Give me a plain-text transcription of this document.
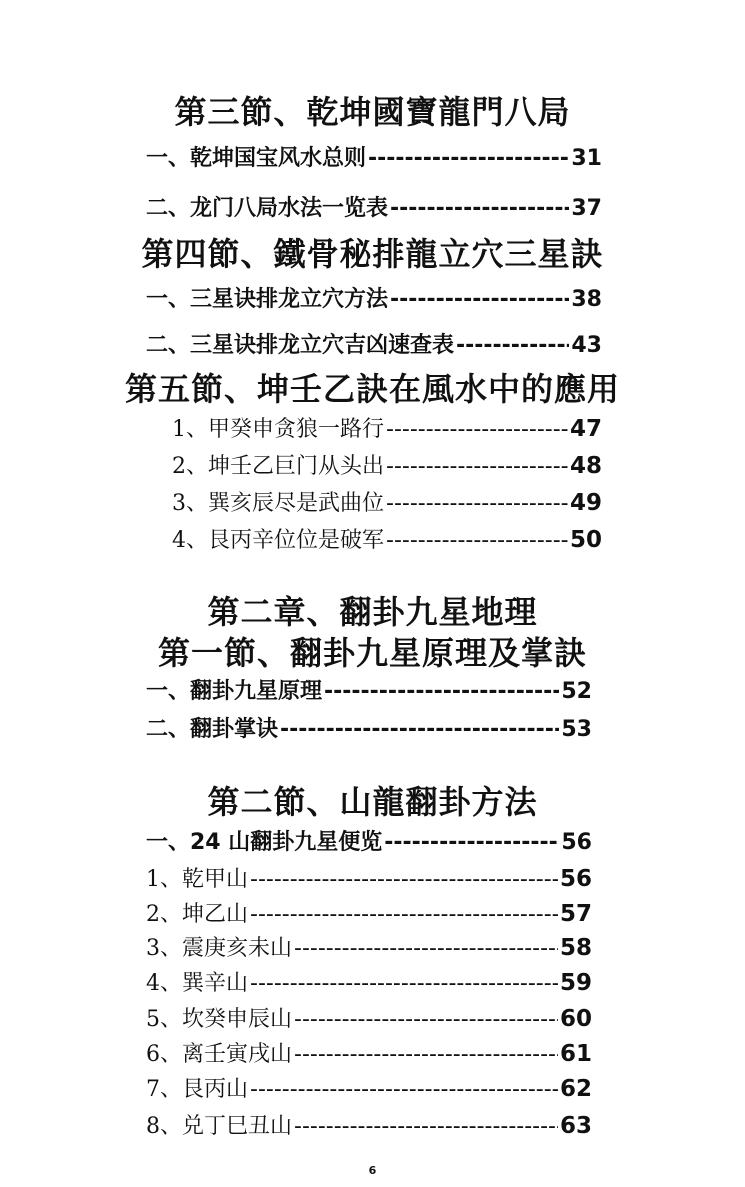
第三節、乾坤國寶龍門八局
一、乾坤国宝风水总则 -----	31
二、龙门八局水法一览表 -----	37
第四節、鐵骨秘排龍立穴三星訣
一、三星诀排龙立穴方法 -----	38
二、三星诀排龙立穴吉凶速查表 -----	43
第五節、坤壬乙訣在風水中的應用
1、甲癸申贪狼一路行 -----	47
2、坤壬乙巨门从头出 -----	48
3、巽亥辰尽是武曲位 -----	49
4、艮丙辛位位是破军 -----	50
第二章、翻卦九星地理
第一節、翻卦九星原理及掌訣
一、翻卦九星原理 -----	52
二、翻卦掌诀 -----	53
第二節、山龍翻卦方法
一、24 山翻卦九星便览 -----	56
1、乾甲山 -----	56
2、坤乙山 -----	57
3、震庚亥未山 -----	58
4、巽辛山 -----	59
5、坎癸申辰山 -----	60
6、离壬寅戌山 -----	61
7、艮丙山 -----	62
8、兑丁巳丑山 -----	63
6
